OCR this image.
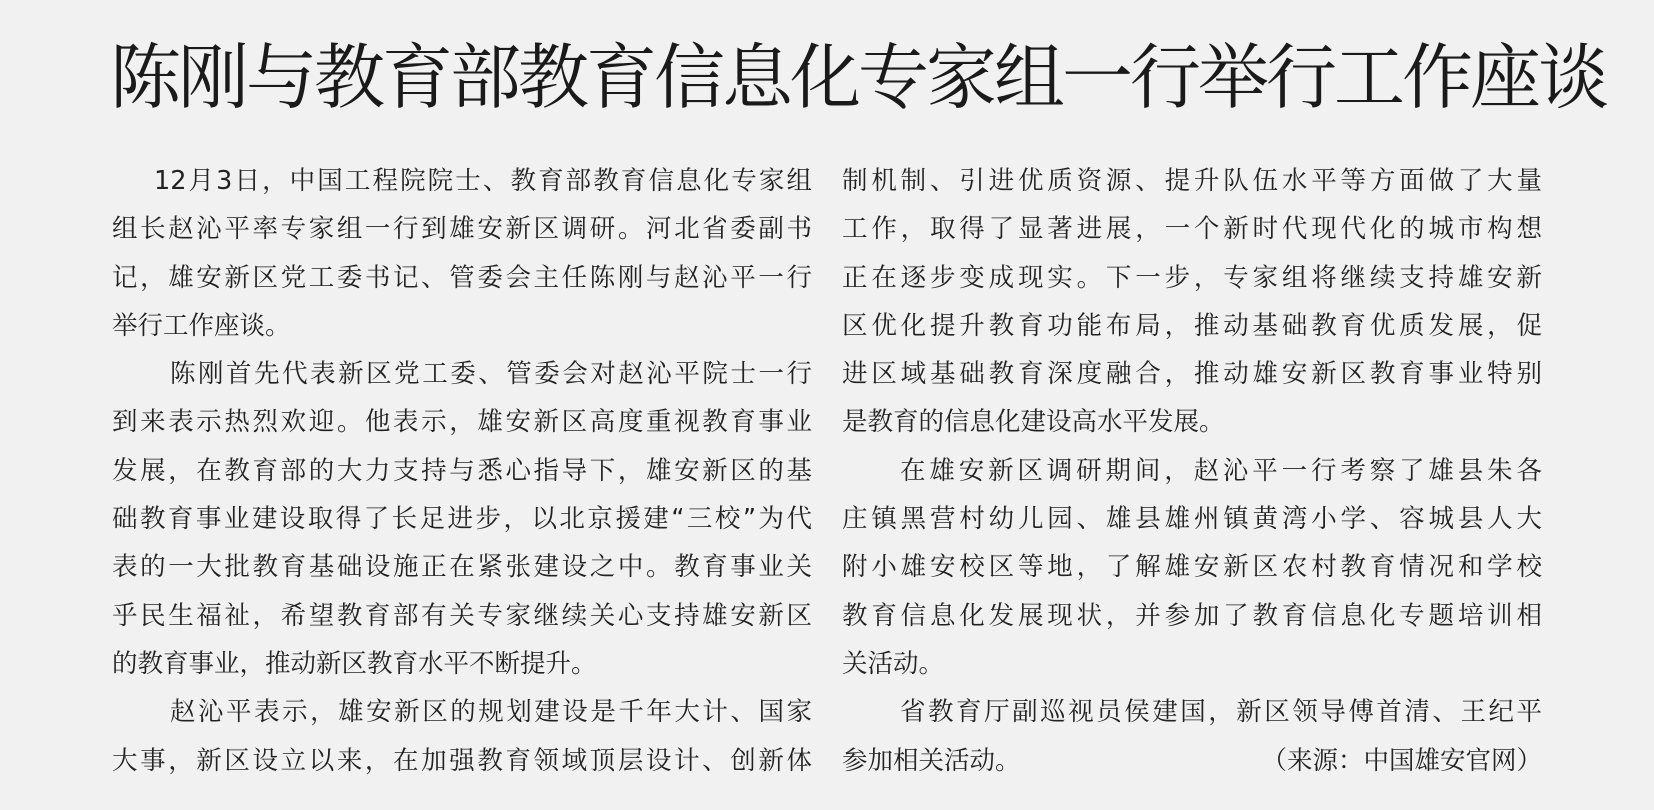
陈刚与教育部教育信息化专家组一行举行工作座谈
12月3日，中国工程院院士、教育部教育信息化专家组
组长赵沁平率专家组一行到雄安新区调研。河北省委副书
记，雄安新区党工委书记、管委会主任陈刚与赵沁平一行
举行工作座谈。
陈刚首先代表新区党工委、管委会对赵沁平院士一行
到来表示热烈欢迎。他表示，雄安新区高度重视教育事业
发展，在教育部的大力支持与悉心指导下，雄安新区的基
础教育事业建设取得了长足进步，以北京援建“三校”为代
表的一大批教育基础设施正在紧张建设之中。教育事业关
乎民生福祉，希望教育部有关专家继续关心支持雄安新区
的教育事业，推动新区教育水平不断提升。
赵沁平表示，雄安新区的规划建设是千年大计、国家
大事，新区设立以来，在加强教育领域顶层设计、创新体
制机制、引进优质资源、提升队伍水平等方面做了大量
工作，取得了显著进展，一个新时代现代化的城市构想
正在逐步变成现实。下一步，专家组将继续支持雄安新
区优化提升教育功能布局，推动基础教育优质发展，促
进区域基础教育深度融合，推动雄安新区教育事业特别
是教育的信息化建设高水平发展。
在雄安新区调研期间，赵沁平一行考察了雄县朱各
庄镇黑营村幼儿园、雄县雄州镇黄湾小学、容城县人大
附小雄安校区等地，了解雄安新区农村教育情况和学校
教育信息化发展现状，并参加了教育信息化专题培训相
关活动。
省教育厅副巡视员侯建国，新区领导傅首清、王纪平
参加相关活动。	（来源：中国雄安官网）
